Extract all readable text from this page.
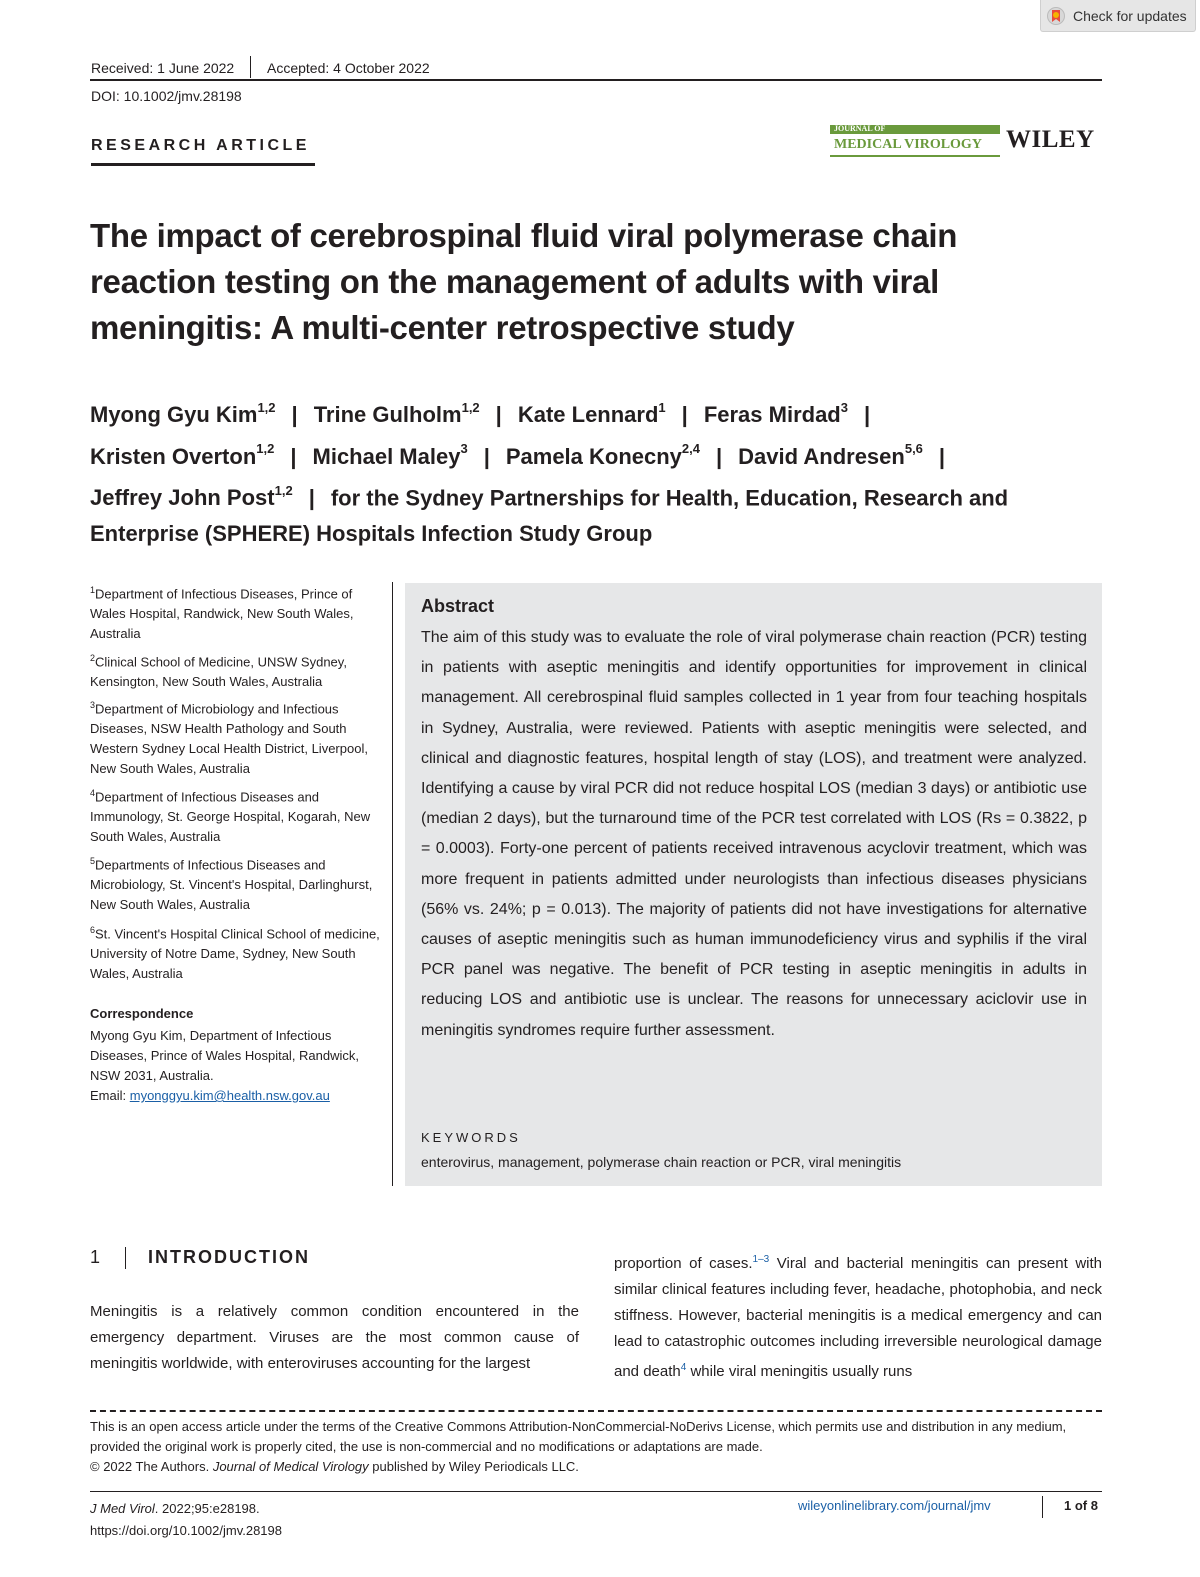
Check for updates
Received: 1 June 2022 Accepted: 4 October 2022
DOI: 10.1002/jmv.28198
RESEARCH ARTICLE
JOURNAL OF
MEDICAL VIROLOGY WILEY
The impact of cerebrospinal fluid viral polymerase chain
reaction testing on the management of adults with viral
meningitis: A multi-center retrospective study
Myong Gyu Kim$^{1,2}$ | Trine Gulholm$^{1,2}$ | Kate Lennard$^1$ | Feras Mirdad$^3$ |
Kristen Overton$^{1,2}$ | Michael Maley$^3$ | Pamela Konecny$^{2,4}$ | David Andresen$^{5,6}$ |
Jeffrey John Post$^{1,2}$ | for the Sydney Partnerships for Health, Education, Research and
Enterprise (SPHERE) Hospitals Infection Study Group
$^1$Department of Infectious Diseases, Prince of Wales Hospital, Randwick, New South Wales, Australia
$^2$Clinical School of Medicine, UNSW Sydney, Kensington, New South Wales, Australia
$^3$Department of Microbiology and Infectious Diseases, NSW Health Pathology and South Western Sydney Local Health District, Liverpool, New South Wales, Australia
$^4$Department of Infectious Diseases and Immunology, St. George Hospital, Kogarah, New South Wales, Australia
$^5$Departments of Infectious Diseases and Microbiology, St. Vincent's Hospital, Darlinghurst, New South Wales, Australia
$^6$St. Vincent's Hospital Clinical School of medicine, University of Notre Dame, Sydney, New South Wales, Australia
Correspondence
Myong Gyu Kim, Department of Infectious Diseases, Prince of Wales Hospital, Randwick, NSW 2031, Australia.
Email: myonggyu.kim@health.nsw.gov.au
Abstract
The aim of this study was to evaluate the role of viral polymerase chain reaction (PCR) testing in patients with aseptic meningitis and identify opportunities for improvement in clinical management. All cerebrospinal fluid samples collected in 1 year from four teaching hospitals in Sydney, Australia, were reviewed. Patients with aseptic meningitis were selected, and clinical and diagnostic features, hospital length of stay (LOS), and treatment were analyzed. Identifying a cause by viral PCR did not reduce hospital LOS (median 3 days) or antibiotic use (median 2 days), but the turnaround time of the PCR test correlated with LOS (Rs = 0.3822, p = 0.0003). Forty-one percent of patients received intravenous acyclovir treatment, which was more frequent in patients admitted under neurologists than infectious diseases physicians (56% vs. 24%; p = 0.013). The majority of patients did not have investigations for alternative causes of aseptic meningitis such as human immunodeficiency virus and syphilis if the viral PCR panel was negative. The benefit of PCR testing in aseptic meningitis in adults in reducing LOS and antibiotic use is unclear. The reasons for unnecessary aciclovir use in meningitis syndromes require further assessment.
KEYWORDS
enterovirus, management, polymerase chain reaction or PCR, viral meningitis
1	INTRODUCTION
Meningitis is a relatively common condition encountered in the emergency department. Viruses are the most common cause of meningitis worldwide, with enteroviruses accounting for the largest
proportion of cases.$^{1-3}$ Viral and bacterial meningitis can present with similar clinical features including fever, headache, photophobia, and neck stiffness. However, bacterial meningitis is a medical emergency and can lead to catastrophic outcomes including irreversible neurological damage and death$^4$ while viral meningitis usually runs
This is an open access article under the terms of the Creative Commons Attribution-NonCommercial-NoDerivs License, which permits use and distribution in any medium, provided the original work is properly cited, the use is non-commercial and no modifications or adaptations are made.
© 2022 The Authors. Journal of Medical Virology published by Wiley Periodicals LLC.
J Med Virol. 2022;95:e28198.
https://doi.org/10.1002/jmv.28198
wileyonlinelibrary.com/journal/jmv	1 of 8
